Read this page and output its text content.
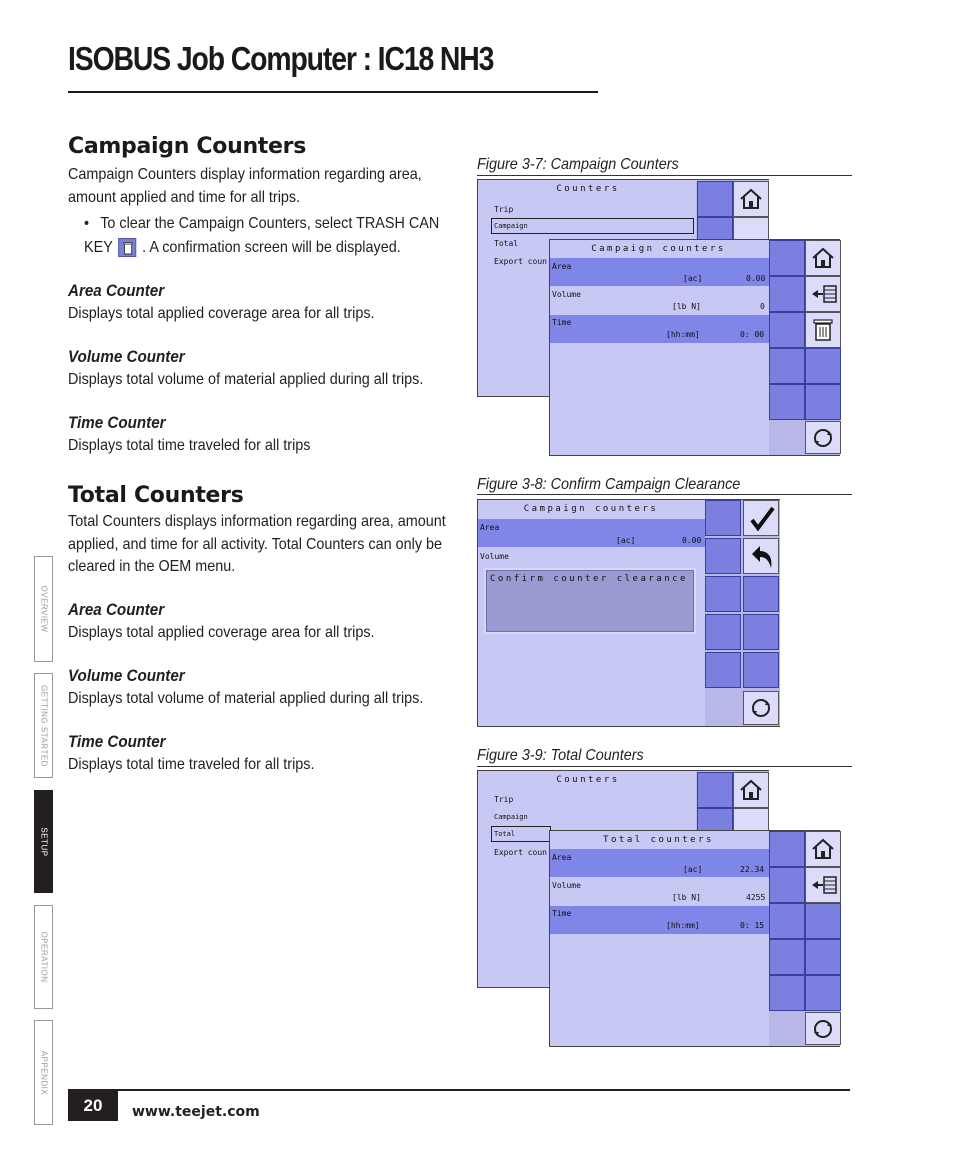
ISOBUS Job Computer : IC18 NH3
Campaign Counters
Campaign Counters display information regarding area, amount applied and time for all trips.
• To clear the Campaign Counters, select TRASH CAN KEY . A confirmation screen will be displayed.
Area Counter
Displays total applied coverage area for all trips.
Volume Counter
Displays total volume of material applied during all trips.
Time Counter
Displays total time traveled for all trips
Total Counters
Total Counters displays information regarding area, amount applied, and time for all activity. Total Counters can only be cleared in the OEM menu.
Area Counter
Displays total applied coverage area for all trips.
Volume Counter
Displays total volume of material applied during all trips.
Time Counter
Displays total time traveled for all trips.
Figure 3-7: Campaign Counters
Counters
Trip
Campaign
Total
Export coun
Campaign counters
Area
[ac]	0.00
Volume
[lb N]	0
Time
[hh:mm]	0: 00
Figure 3-8: Confirm Campaign Clearance
Campaign counters
Area
[ac]	0.00
Volume
Confirm counter clearance
Figure 3-9: Total Counters
Counters
Trip
Campaign
Total
Export coun
Total counters
Area
[ac]	22.34
Volume
[lb N]	4255
Time
[hh:mm]	0: 15
OVERVIEW
GETTING STARTED
SETUP
OPERATION
APPENDIX
20	www.teejet.com
